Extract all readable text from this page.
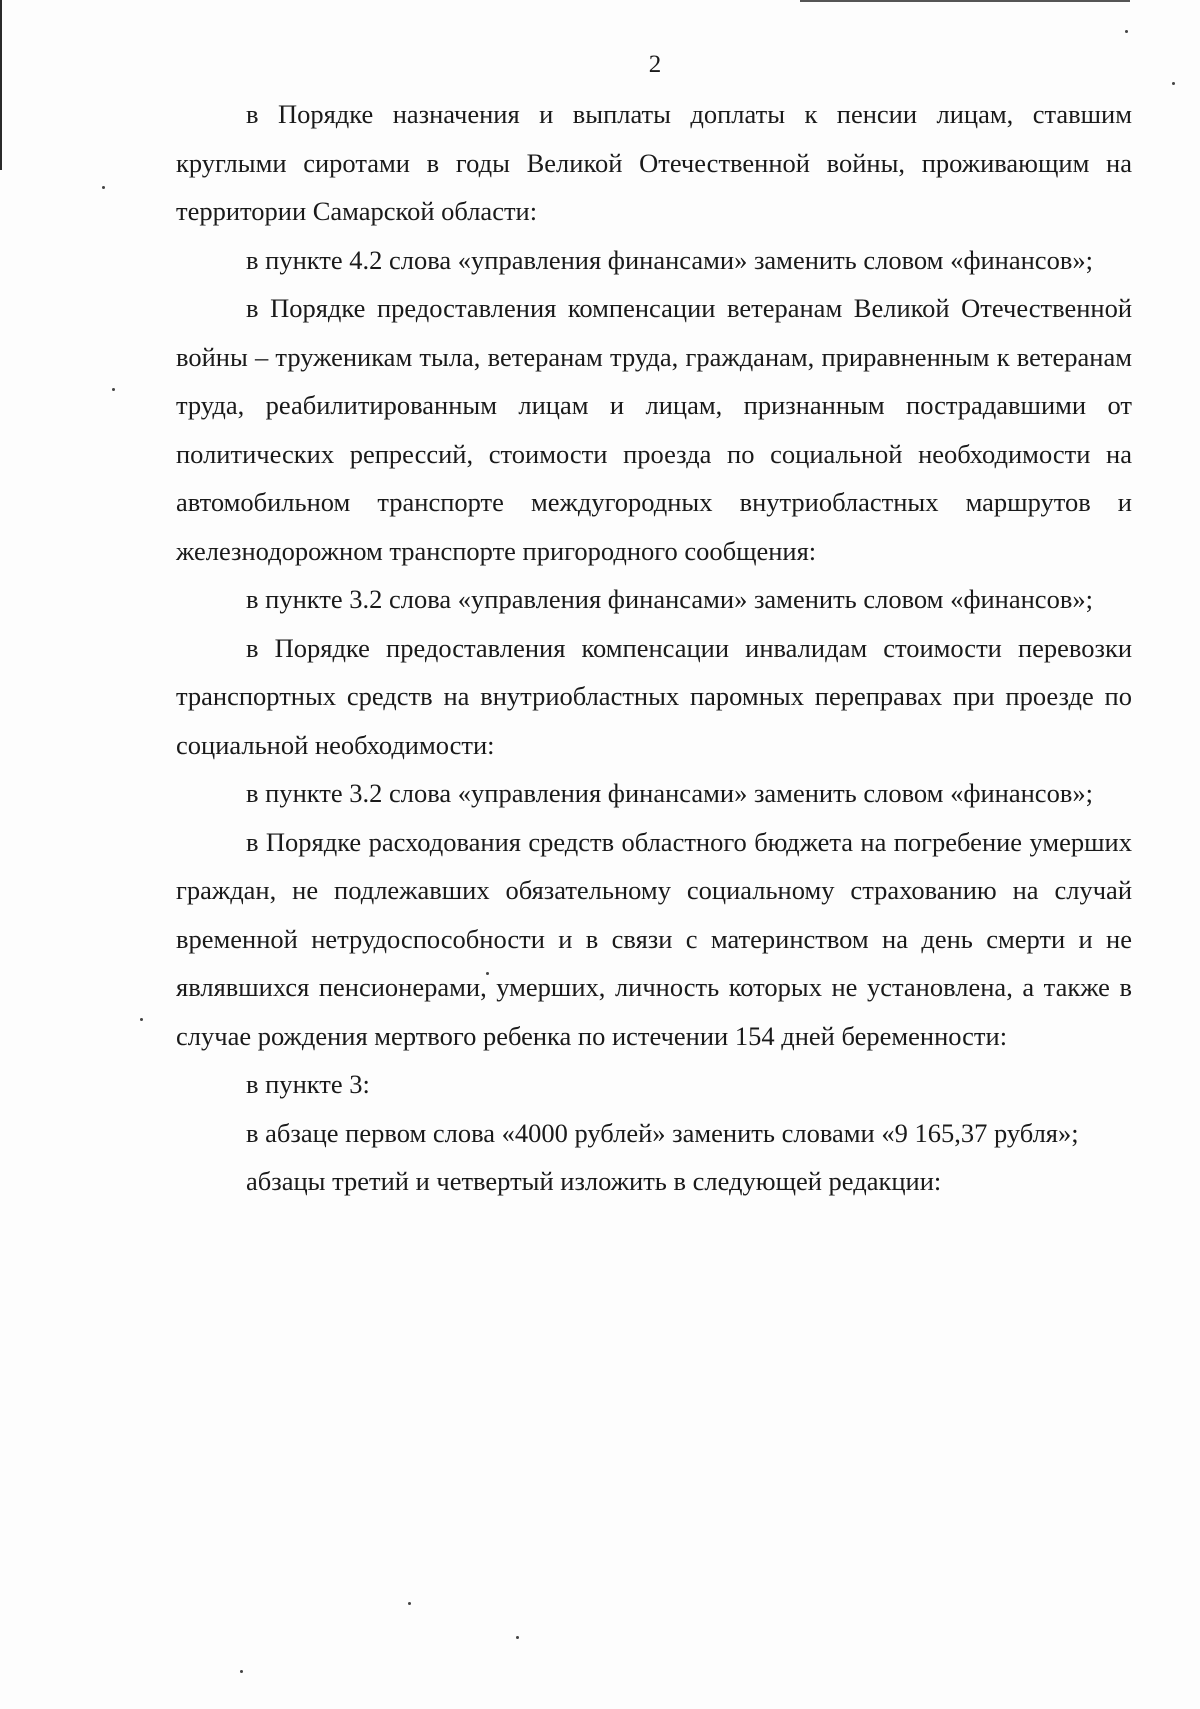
2

в Порядке назначения и выплаты доплаты к пенсии лицам, ставшим круглыми сиротами в годы Великой Отечественной войны, проживающим на территории Самарской области:

в пункте 4.2 слова «управления финансами» заменить словом «финансов»;

в Порядке предоставления компенсации ветеранам Великой Отечественной войны – труженикам тыла, ветеранам труда, гражданам, приравненным к ветеранам труда, реабилитированным лицам и лицам, признанным пострадавшими от политических репрессий, стоимости проезда по социальной необходимости на автомобильном транспорте междугородных внутриобластных маршрутов и железнодорожном транспорте пригородного сообщения:

в пункте 3.2 слова «управления финансами» заменить словом «финансов»;

в Порядке предоставления компенсации инвалидам стоимости перевозки транспортных средств на внутриобластных паромных переправах при проезде по социальной необходимости:

в пункте 3.2 слова «управления финансами» заменить словом «финансов»;

в Порядке расходования средств областного бюджета на погребение умерших граждан, не подлежавших обязательному социальному страхованию на случай временной нетрудоспособности и в связи с материнством на день смерти и не являвшихся пенсионерами, умерших, личность которых не установлена, а также в случае рождения мертвого ребенка по истечении 154 дней беременности:

в пункте 3:

в абзаце первом слова «4000 рублей» заменить словами «9 165,37 рубля»;

абзацы третий и четвертый изложить в следующей редакции:
